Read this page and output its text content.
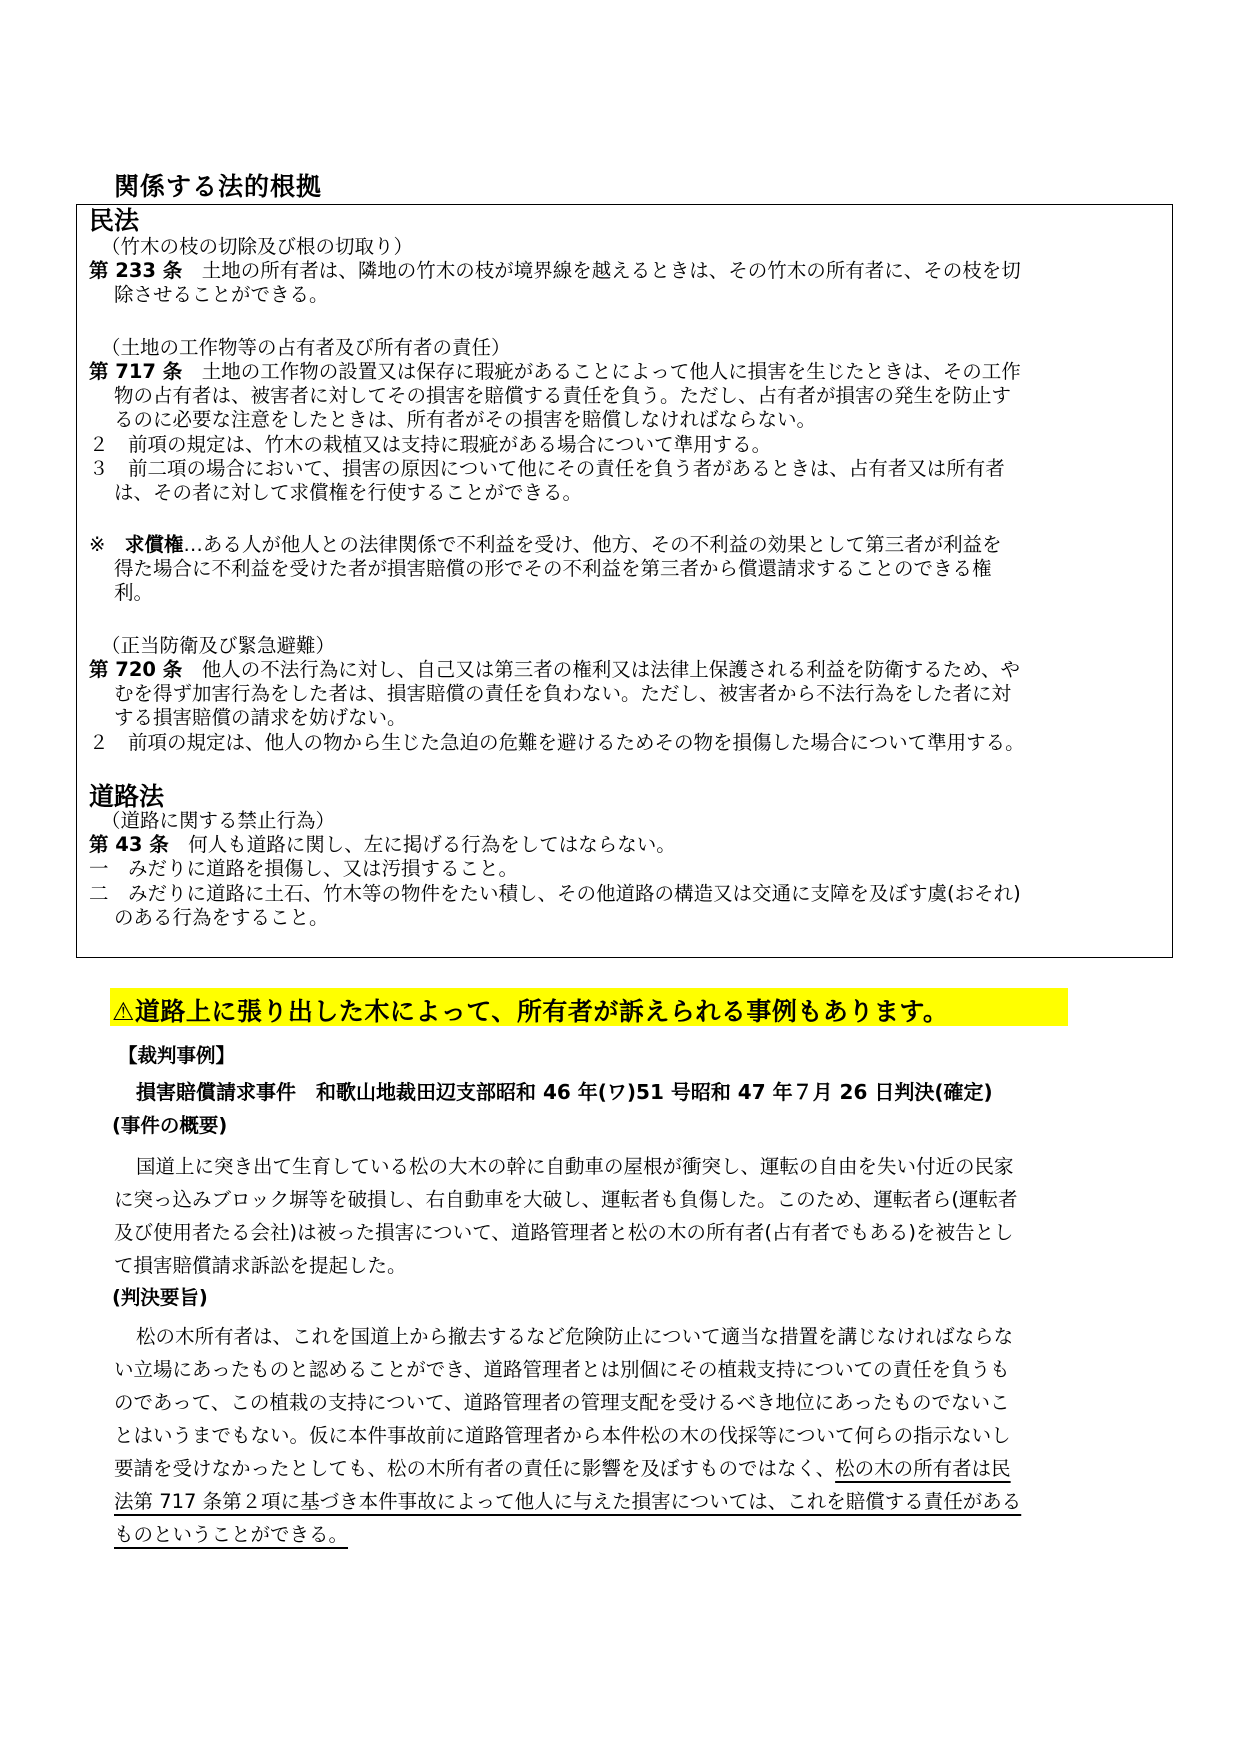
関係する法的根拠
民法
（竹木の枝の切除及び根の切取り）
第 233 条　土地の所有者は、隣地の竹木の枝が境界線を越えるときは、その竹木の所有者に、その枝を切
除させることができる。
（土地の工作物等の占有者及び所有者の責任）
第 717 条　土地の工作物の設置又は保存に瑕疵があることによって他人に損害を生じたときは、その工作
物の占有者は、被害者に対してその損害を賠償する責任を負う。ただし、占有者が損害の発生を防止す
るのに必要な注意をしたときは、所有者がその損害を賠償しなければならない。
２　前項の規定は、竹木の栽植又は支持に瑕疵がある場合について準用する。
３　前二項の場合において、損害の原因について他にその責任を負う者があるときは、占有者又は所有者
は、その者に対して求償権を行使することができる。
※　求償権…ある人が他人との法律関係で不利益を受け、他方、その不利益の効果として第三者が利益を
得た場合に不利益を受けた者が損害賠償の形でその不利益を第三者から償還請求することのできる権
利。
（正当防衛及び緊急避難）
第 720 条　他人の不法行為に対し、自己又は第三者の権利又は法律上保護される利益を防衛するため、や
むを得ず加害行為をした者は、損害賠償の責任を負わない。ただし、被害者から不法行為をした者に対
する損害賠償の請求を妨げない。
２　前項の規定は、他人の物から生じた急迫の危難を避けるためその物を損傷した場合について準用する。
道路法
（道路に関する禁止行為）
第 43 条　何人も道路に関し、左に掲げる行為をしてはならない。
一　みだりに道路を損傷し、又は汚損すること。
二　みだりに道路に土石、竹木等の物件をたい積し、その他道路の構造又は交通に支障を及ぼす虞(おそれ)
のある行為をすること。
⚠道路上に張り出した木によって、所有者が訴えられる事例もあります。
【裁判事例】
損害賠償請求事件　和歌山地裁田辺支部昭和 46 年(ワ)51 号昭和 47 年７月 26 日判決(確定)
(事件の概要)
国道上に突き出て生育している松の大木の幹に自動車の屋根が衝突し、運転の自由を失い付近の民家
に突っ込みブロック塀等を破損し、右自動車を大破し、運転者も負傷した。このため、運転者ら(運転者
及び使用者たる会社)は被った損害について、道路管理者と松の木の所有者(占有者でもある)を被告とし
て損害賠償請求訴訟を提起した。
(判決要旨)
松の木所有者は、これを国道上から撤去するなど危険防止について適当な措置を講じなければならな
い立場にあったものと認めることができ、道路管理者とは別個にその植栽支持についての責任を負うも
のであって、この植栽の支持について、道路管理者の管理支配を受けるべき地位にあったものでないこ
とはいうまでもない。仮に本件事故前に道路管理者から本件松の木の伐採等について何らの指示ないし
要請を受けなかったとしても、松の木所有者の責任に影響を及ぼすものではなく、松の木の所有者は民
法第 717 条第２項に基づき本件事故によって他人に与えた損害については、これを賠償する責任がある
ものということができる。
